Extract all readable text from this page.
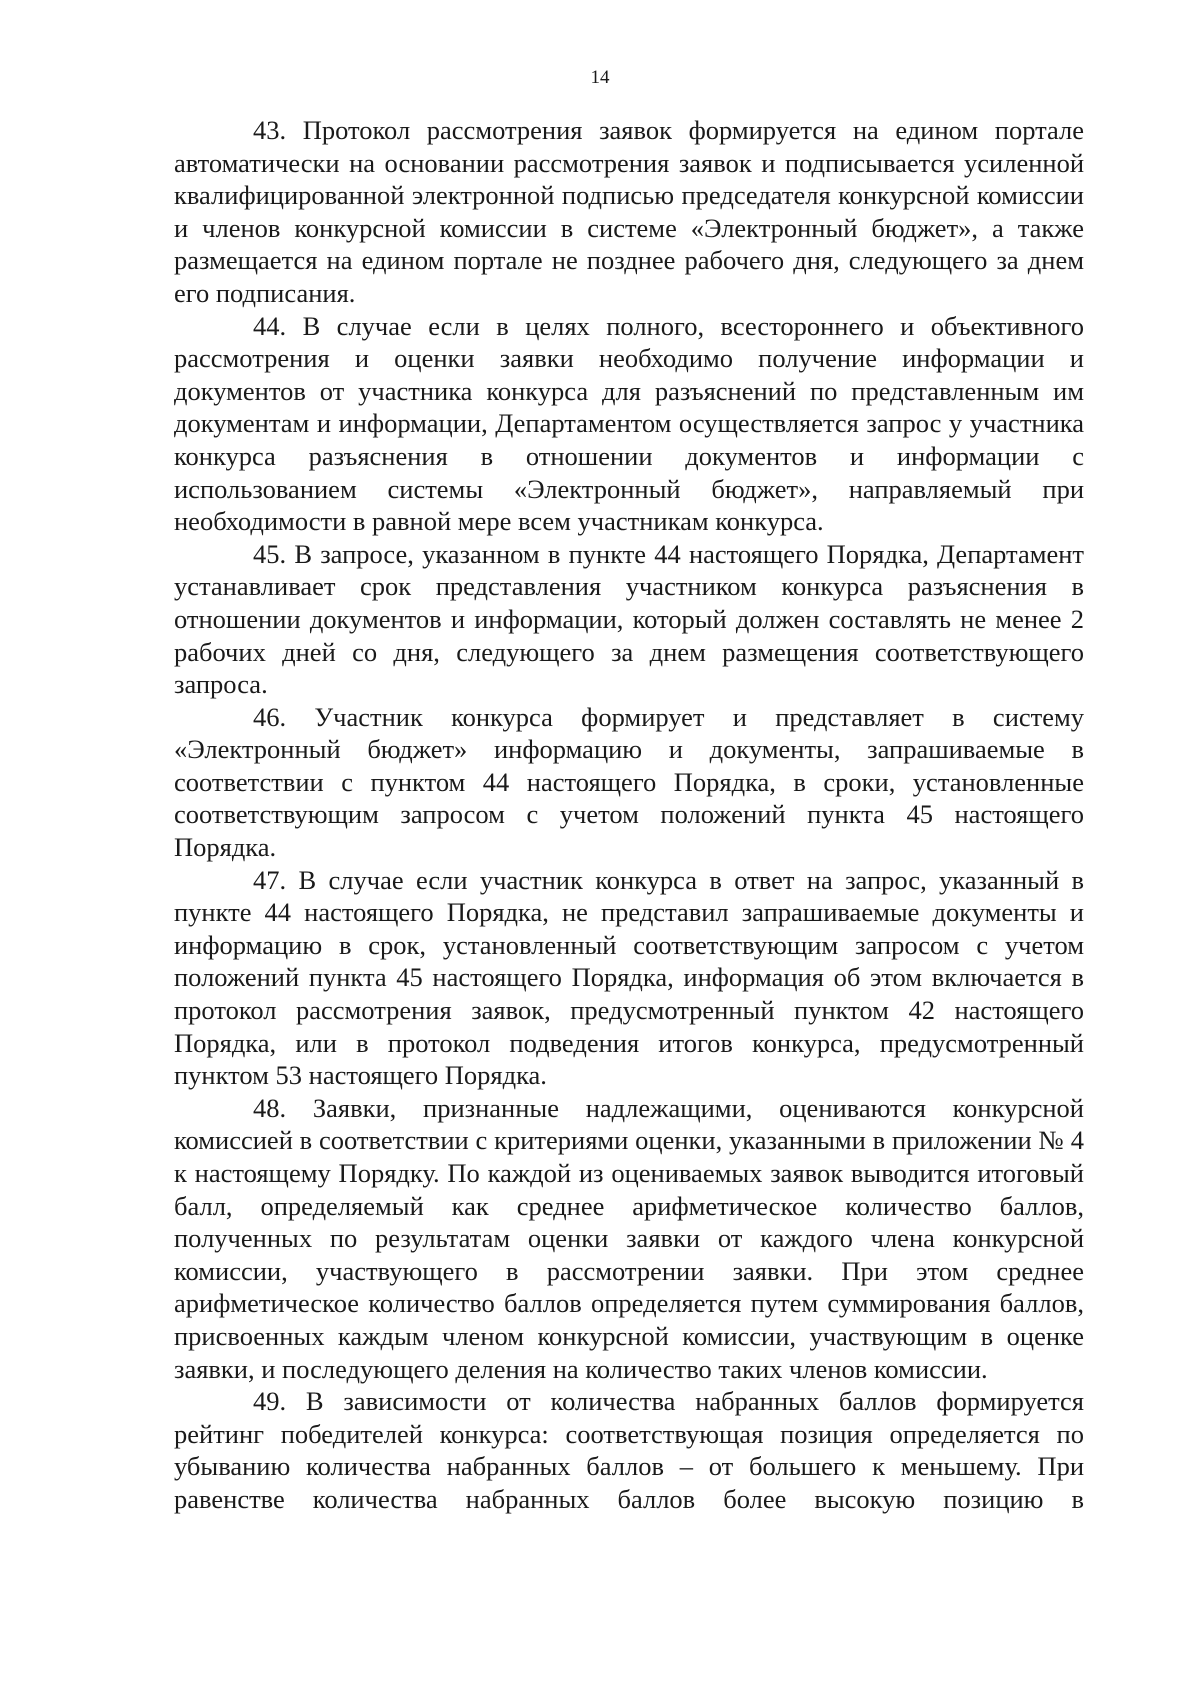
14

43. Протокол рассмотрения заявок формируется на едином портале автоматически на основании рассмотрения заявок и подписывается усиленной квалифицированной электронной подписью председателя конкурсной комиссии и членов конкурсной комиссии в системе «Электронный бюджет», а также размещается на едином портале не позднее рабочего дня, следующего за днем его подписания.

44. В случае если в целях полного, всестороннего и объективного рассмотрения и оценки заявки необходимо получение информации и документов от участника конкурса для разъяснений по представленным им документам и информации, Департаментом осуществляется запрос у участника конкурса разъяснения в отношении документов и информации с использованием системы «Электронный бюджет», направляемый при необходимости в равной мере всем участникам конкурса.

45. В запросе, указанном в пункте 44 настоящего Порядка, Департамент устанавливает срок представления участником конкурса разъяснения в отношении документов и информации, который должен составлять не менее 2 рабочих дней со дня, следующего за днем размещения соответствующего запроса.

46. Участник конкурса формирует и представляет в систему «Электронный бюджет» информацию и документы, запрашиваемые в соответствии с пунктом 44 настоящего Порядка, в сроки, установленные соответствующим запросом с учетом положений пункта 45 настоящего Порядка.

47. В случае если участник конкурса в ответ на запрос, указанный в пункте 44 настоящего Порядка, не представил запрашиваемые документы и информацию в срок, установленный соответствующим запросом с учетом положений пункта 45 настоящего Порядка, информация об этом включается в протокол рассмотрения заявок, предусмотренный пунктом 42 настоящего Порядка, или в протокол подведения итогов конкурса, предусмотренный пунктом 53 настоящего Порядка.

48. Заявки, признанные надлежащими, оцениваются конкурсной комиссией в соответствии с критериями оценки, указанными в приложении № 4 к настоящему Порядку. По каждой из оцениваемых заявок выводится итоговый балл, определяемый как среднее арифметическое количество баллов, полученных по результатам оценки заявки от каждого члена конкурсной комиссии, участвующего в рассмотрении заявки. При этом среднее арифметическое количество баллов определяется путем суммирования баллов, присвоенных каждым членом конкурсной комиссии, участвующим в оценке заявки, и последующего деления на количество таких членов комиссии.

49. В зависимости от количества набранных баллов формируется рейтинг победителей конкурса: соответствующая позиция определяется по убыванию количества набранных баллов – от большего к меньшему. При равенстве количества набранных баллов более высокую позицию в
